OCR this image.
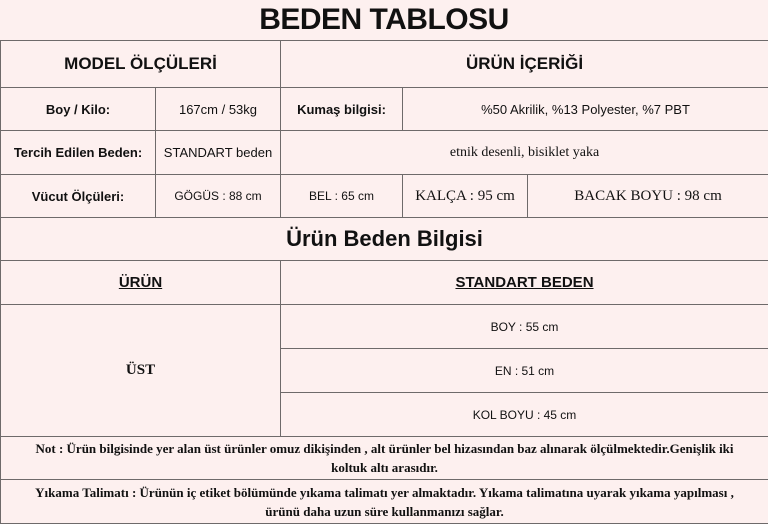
BEDEN TABLOSU
MODEL ÖLÇÜLERİ		ÜRÜN İÇERİĞİ		
Boy / Kilo:	167cm / 53kg	Kumaş bilgisi:	%50 Akrilik, %13 Polyester, %7 PBT	
Tercih Edilen Beden:	STANDART beden	etnik desenli, bisiklet yaka		
Vücut Ölçüleri:	GÖGÜS : 88 cm	BEL : 65 cm	KALÇA : 95 cm	BACAK BOYU : 98 cm
Ürün Beden Bilgisi				
ÜRÜN		STANDART BEDEN		
ÜST		BOY : 55 cm		
		EN : 51 cm		
		KOL BOYU : 45 cm		
Not : Ürün bilgisinde yer alan üst ürünler omuz dikişinden , alt ürünler bel hizasından baz alınarak ölçülmektedir.Genişlik iki koltuk altı arasıdır.				
Yıkama Talimatı : Ürünün iç etiket bölümünde yıkama talimatı yer almaktadır. Yıkama talimatına uyarak yıkama yapılması , ürünü daha uzun süre kullanmanızı sağlar.				
